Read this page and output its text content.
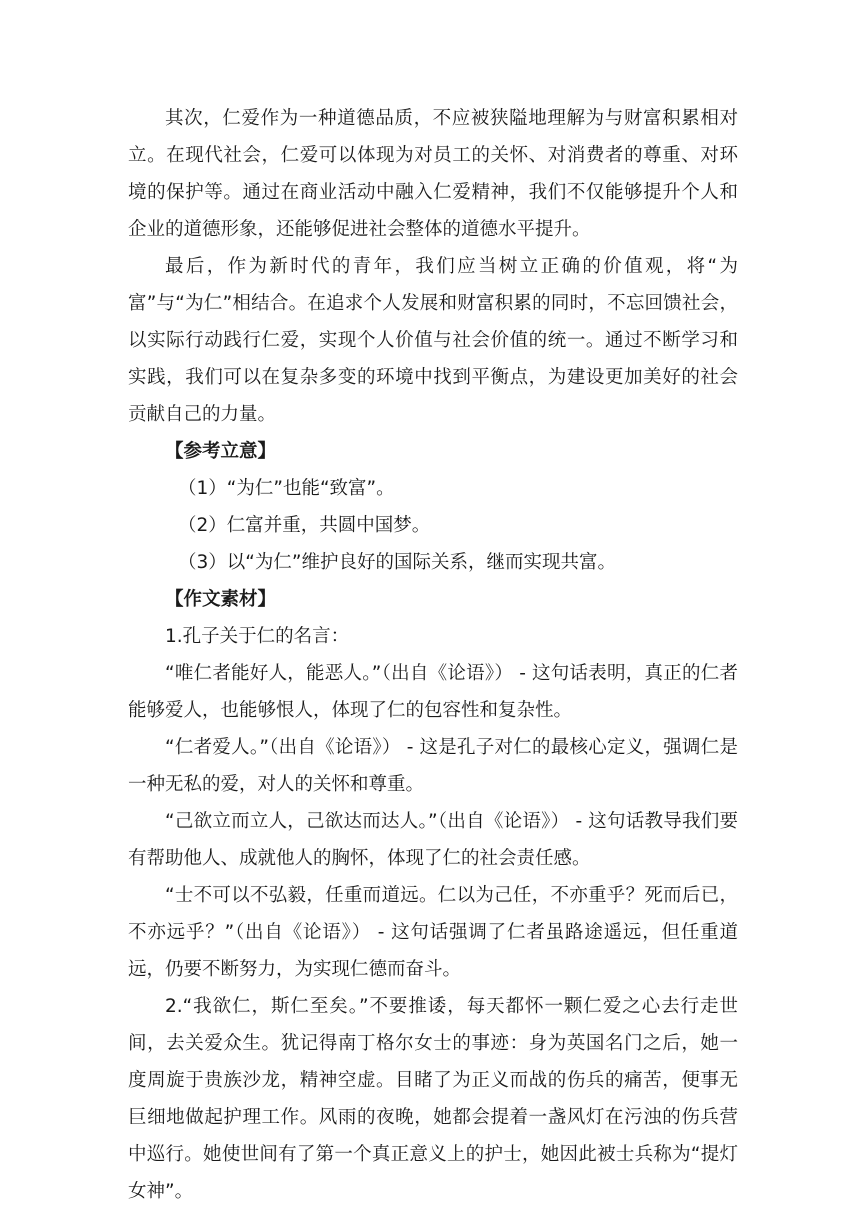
其次，仁爱作为一种道德品质，不应被狭隘地理解为与财富积累相对立。在现代社会，仁爱可以体现为对员工的关怀、对消费者的尊重、对环境的保护等。通过在商业活动中融入仁爱精神，我们不仅能够提升个人和企业的道德形象，还能够促进社会整体的道德水平提升。

最后，作为新时代的青年，我们应当树立正确的价值观，将“为富”与“为仁”相结合。在追求个人发展和财富积累的同时，不忘回馈社会，以实际行动践行仁爱，实现个人价值与社会价值的统一。通过不断学习和实践，我们可以在复杂多变的环境中找到平衡点，为建设更加美好的社会贡献自己的力量。

【参考立意】

（1）“为仁”也能“致富”。

（2）仁富并重，共圆中国梦。

（3）以“为仁”维护良好的国际关系，继而实现共富。

【作文素材】

1.孔子关于仁的名言：

“唯仁者能好人，能恶人。”（出自《论语》） - 这句话表明，真正的仁者能够爱人，也能够恨人，体现了仁的包容性和复杂性。

“仁者爱人。”（出自《论语》） - 这是孔子对仁的最核心定义，强调仁是一种无私的爱，对人的关怀和尊重。

“己欲立而立人，己欲达而达人。”（出自《论语》） - 这句话教导我们要有帮助他人、成就他人的胸怀，体现了仁的社会责任感。

“士不可以不弘毅，任重而道远。仁以为己任，不亦重乎？死而后已，不亦远乎？”（出自《论语》） - 这句话强调了仁者虽路途遥远，但任重道远，仍要不断努力，为实现仁德而奋斗。

2.“我欲仁，斯仁至矣。”不要推诿，每天都怀一颗仁爱之心去行走世间，去关爱众生。犹记得南丁格尔女士的事迹：身为英国名门之后，她一度周旋于贵族沙龙，精神空虚。目睹了为正义而战的伤兵的痛苦，便事无巨细地做起护理工作。风雨的夜晚，她都会提着一盏风灯在污浊的伤兵营中巡行。她使世间有了第一个真正意义上的护士，她因此被士兵称为“提灯女神”。
